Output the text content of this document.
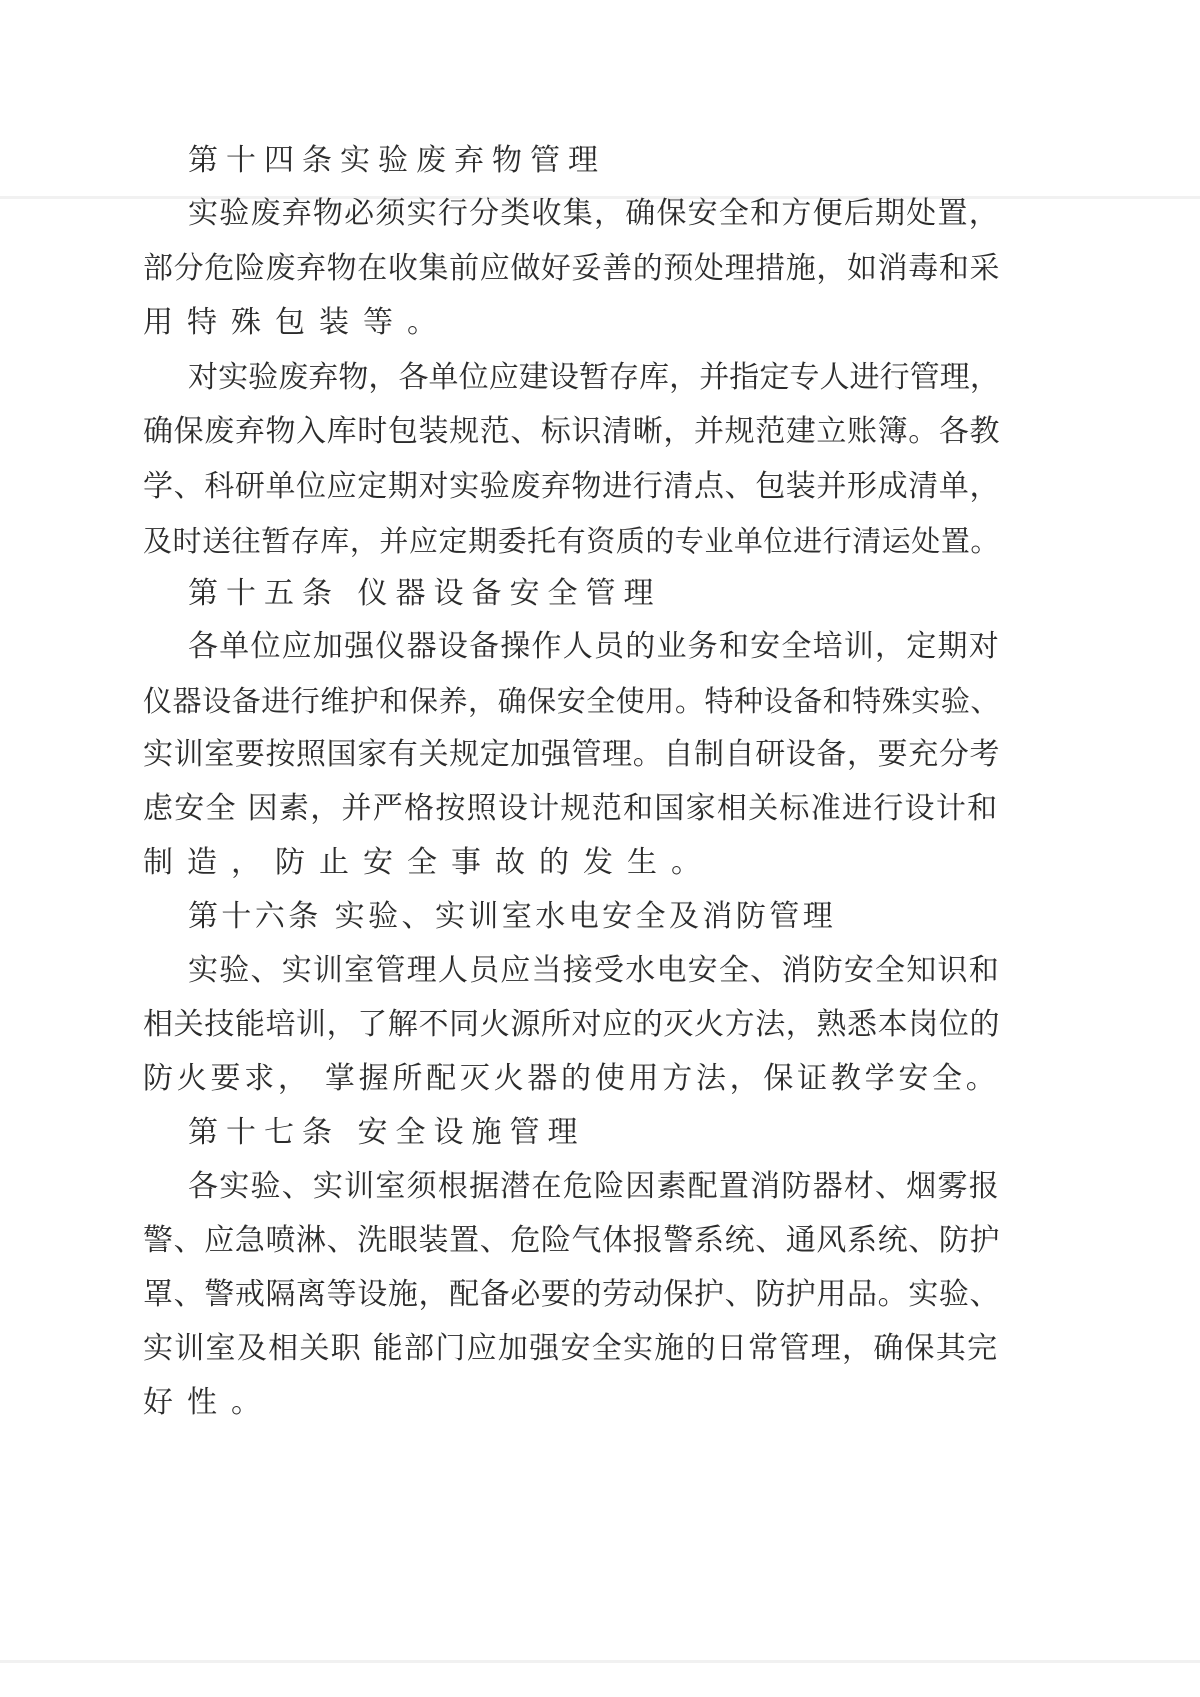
第十四条实验废弃物管理

实验废弃物必须实行分类收集，确保安全和方便后期处置，

部分危险废弃物在收集前应做好妥善的预处理措施，如消毒和采

用特殊包装等。

对实验废弃物，各单位应建设暂存库，并指定专人进行管理，

确保废弃物入库时包装规范、标识清晰，并规范建立账簿。各教

学、科研单位应定期对实验废弃物进行清点、包装并形成清单，

及时送往暂存库，并应定期委托有资质的专业单位进行清运处置。

第十五条 仪器设备安全管理

各单位应加强仪器设备操作人员的业务和安全培训，定期对

仪器设备进行维护和保养，确保安全使用。特种设备和特殊实验、

实训室要按照国家有关规定加强管理。自制自研设备，要充分考

虑安全 因素，并严格按照设计规范和国家相关标准进行设计和

制造，防止安全事故的发生。

第十六条 实验、实训室水电安全及消防管理

实验、实训室管理人员应当接受水电安全、消防安全知识和

相关技能培训，了解不同火源所对应的灭火方法，熟悉本岗位的

防火要求， 掌握所配灭火器的使用方法，保证教学安全。

第十七条 安全设施管理

各实验、实训室须根据潜在危险因素配置消防器材、烟雾报

警、应急喷淋、洗眼装置、危险气体报警系统、通风系统、防护

罩、警戒隔离等设施，配备必要的劳动保护、防护用品。实验、

实训室及相关职 能部门应加强安全实施的日常管理，确保其完

好性。
